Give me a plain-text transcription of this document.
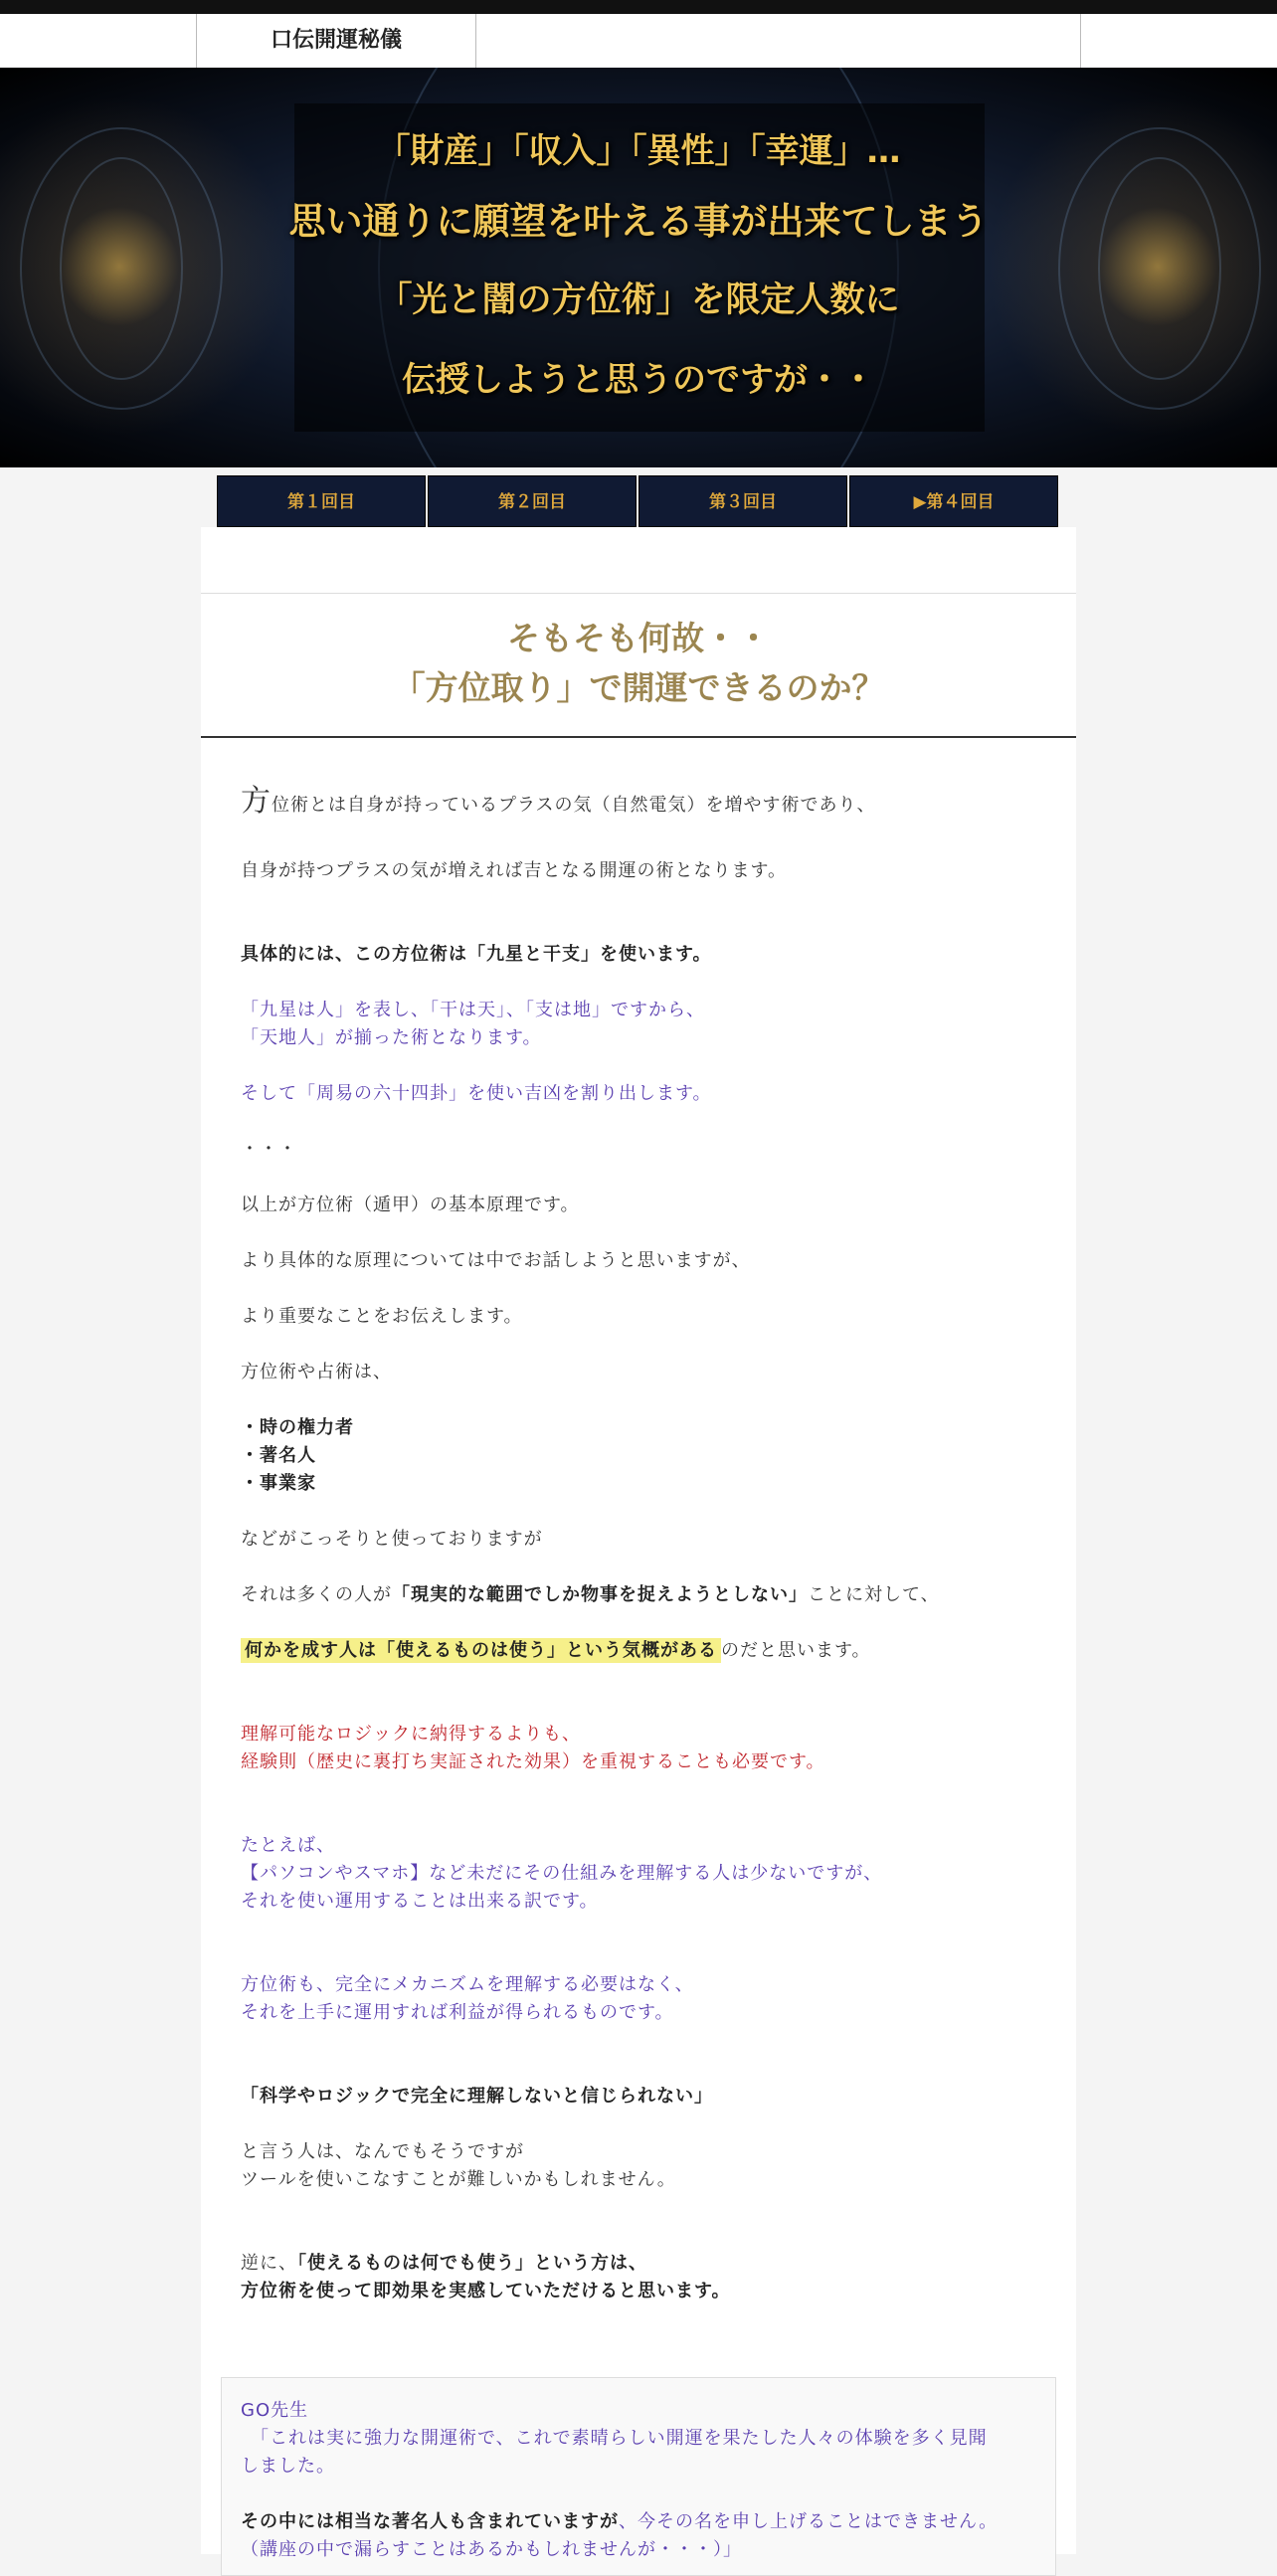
口伝開運秘儀
「財産」「収入」「異性」「幸運」…
思い通りに願望を叶える事が出来てしまう
「光と闇の方位術」を限定人数に
伝授しようと思うのですが・・
第１回目	第２回目	第３回目	▶第４回目
そもそも何故・・
「方位取り」で開運できるのか？
方位術とは自身が持っているプラスの気（自然電気）を増やす術であり、
自身が持つプラスの気が増えれば吉となる開運の術となります。
具体的には、この方位術は「九星と干支」を使います。
「九星は人」を表し、「干は天」、「支は地」ですから、
「天地人」が揃った術となります。
そして「周易の六十四卦」を使い吉凶を割り出します。
・・・
以上が方位術（遁甲）の基本原理です。
より具体的な原理については中でお話しようと思いますが、
より重要なことをお伝えします。
方位術や占術は、
・時の権力者
・著名人
・事業家
などがこっそりと使っておりますが
それは多くの人が「現実的な範囲でしか物事を捉えようとしない」ことに対して、
何かを成す人は「使えるものは使う」という気概がある のだと思います。
理解可能なロジックに納得するよりも、
経験則（歴史に裏打ち実証された効果）を重視することも必要です。
たとえば、
【パソコンやスマホ】など未だにその仕組みを理解する人は少ないですが、
それを使い運用することは出来る訳です。
方位術も、完全にメカニズムを理解する必要はなく、
それを上手に運用すれば利益が得られるものです。
「科学やロジックで完全に理解しないと信じられない」
と言う人は、なんでもそうですが
ツールを使いこなすことが難しいかもしれません。
逆に、「使えるものは何でも使う」という方は、
方位術を使って即効果を実感していただけると思います。
GO先生
　「これは実に強力な開運術で、これで素晴らしい開運を果たした人々の体験を多く見聞
しました。
その中には相当な著名人も含まれていますが、今その名を申し上げることはできません。
（講座の中で漏らすことはあるかもしれませんが・・・）」
